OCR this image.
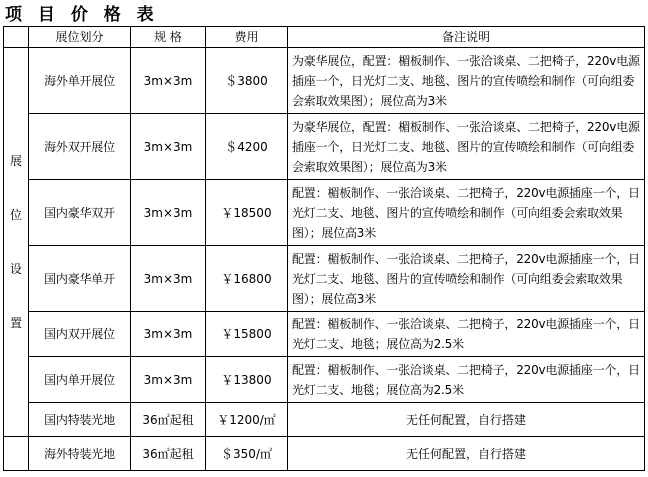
项 目 价 格 表
	展位划分	规 格	费用	备注说明

展
位
设
置	海外单开展位	3m×3m	＄3800	为豪华展位，配置：楣板制作、一张洽谈桌、二把椅子，220v电源插座一个，日光灯二支、地毯、图片的宣传喷绘和制作（可向组委会索取效果图）；展位高为3米
	海外双开展位	3m×3m	＄4200	为豪华展位，配置：楣板制作、一张洽谈桌、二把椅子，220v电源插座一个，日光灯二支、地毯、图片的宣传喷绘和制作（可向组委会索取效果图）；展位高为3米
	国内豪华双开	3m×3m	￥18500	配置：楣板制作、一张洽谈桌、二把椅子，220v电源插座一个，日光灯二支、地毯、图片的宣传喷绘和制作（可向组委会索取效果图）；展位高3米
	国内豪华单开	3m×3m	￥16800	配置：楣板制作、一张洽谈桌、二把椅子，220v电源插座一个，日光灯二支、地毯、图片的宣传喷绘和制作（可向组委会索取效果图）；展位高3米
	国内双开展位	3m×3m	￥15800	配置：楣板制作、一张洽谈桌、二把椅子，220v电源插座一个，日光灯二支、地毯；展位高为2.5米
	国内单开展位	3m×3m	￥13800	配置：楣板制作、一张洽谈桌、二把椅子，220v电源插座一个，日光灯二支、地毯；展位高为2.5米
	国内特装光地	36㎡起租	￥1200/㎡	无任何配置，自行搭建
	海外特装光地	36㎡起租	＄350/㎡	无任何配置，自行搭建
